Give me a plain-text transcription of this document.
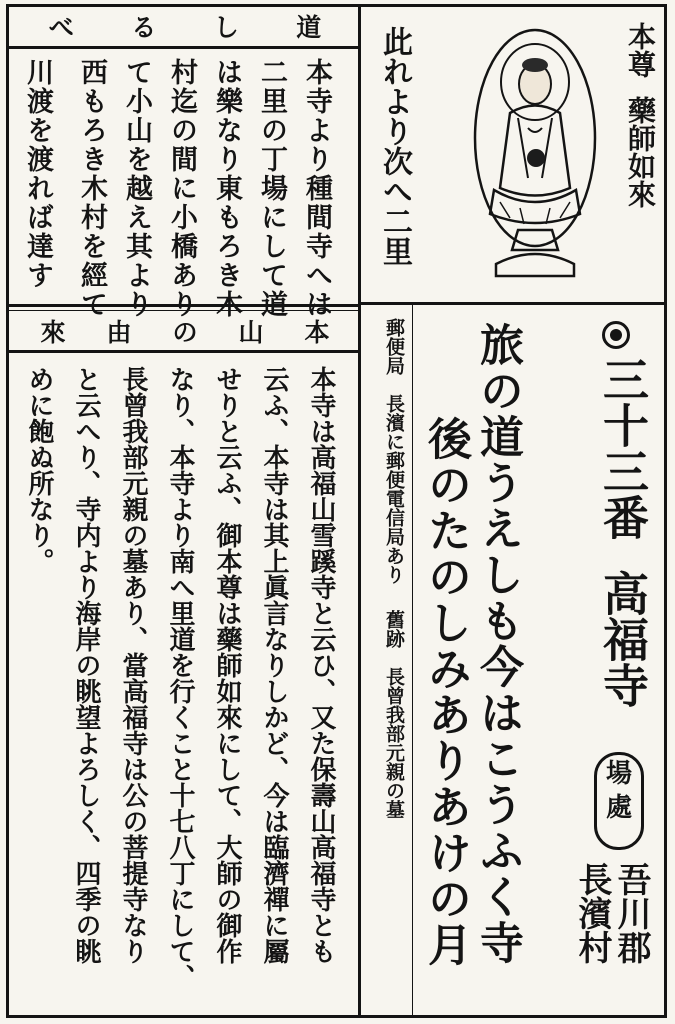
べ る し 道
本寺より種間寺へは
二里の丁場にして道
は樂なり東もろき木
村迄の間に小橋あり
て小山を越え其より
西もろき木村を經て
川渡を渡れば達す
來 由 の 山 本
本寺は高福山雪蹊寺と云ひ、又た保壽山高福寺とも
云ふ、本寺は其上眞言なりしかど、今は臨濟禪に屬
せりと云ふ、御本尊は藥師如來にして、大師の御作
なり、本寺より南へ里道を行くこと十七八丁にして、
長曾我部元親の墓あり、當高福寺は公の菩提寺なり
と云へり、寺内より海岸の眺望よろしく、四季の眺
めに飽ぬ所なり。
此れより次へ二里	本尊
藥師如來
郵便局　長濱に郵便電信局あり
舊跡　長曾我部元親の墓 旅の道うえしも今はこうふく寺
後のたのしみありあけの月	三十三番
高福寺
場
處
吾川郡
長濱村
